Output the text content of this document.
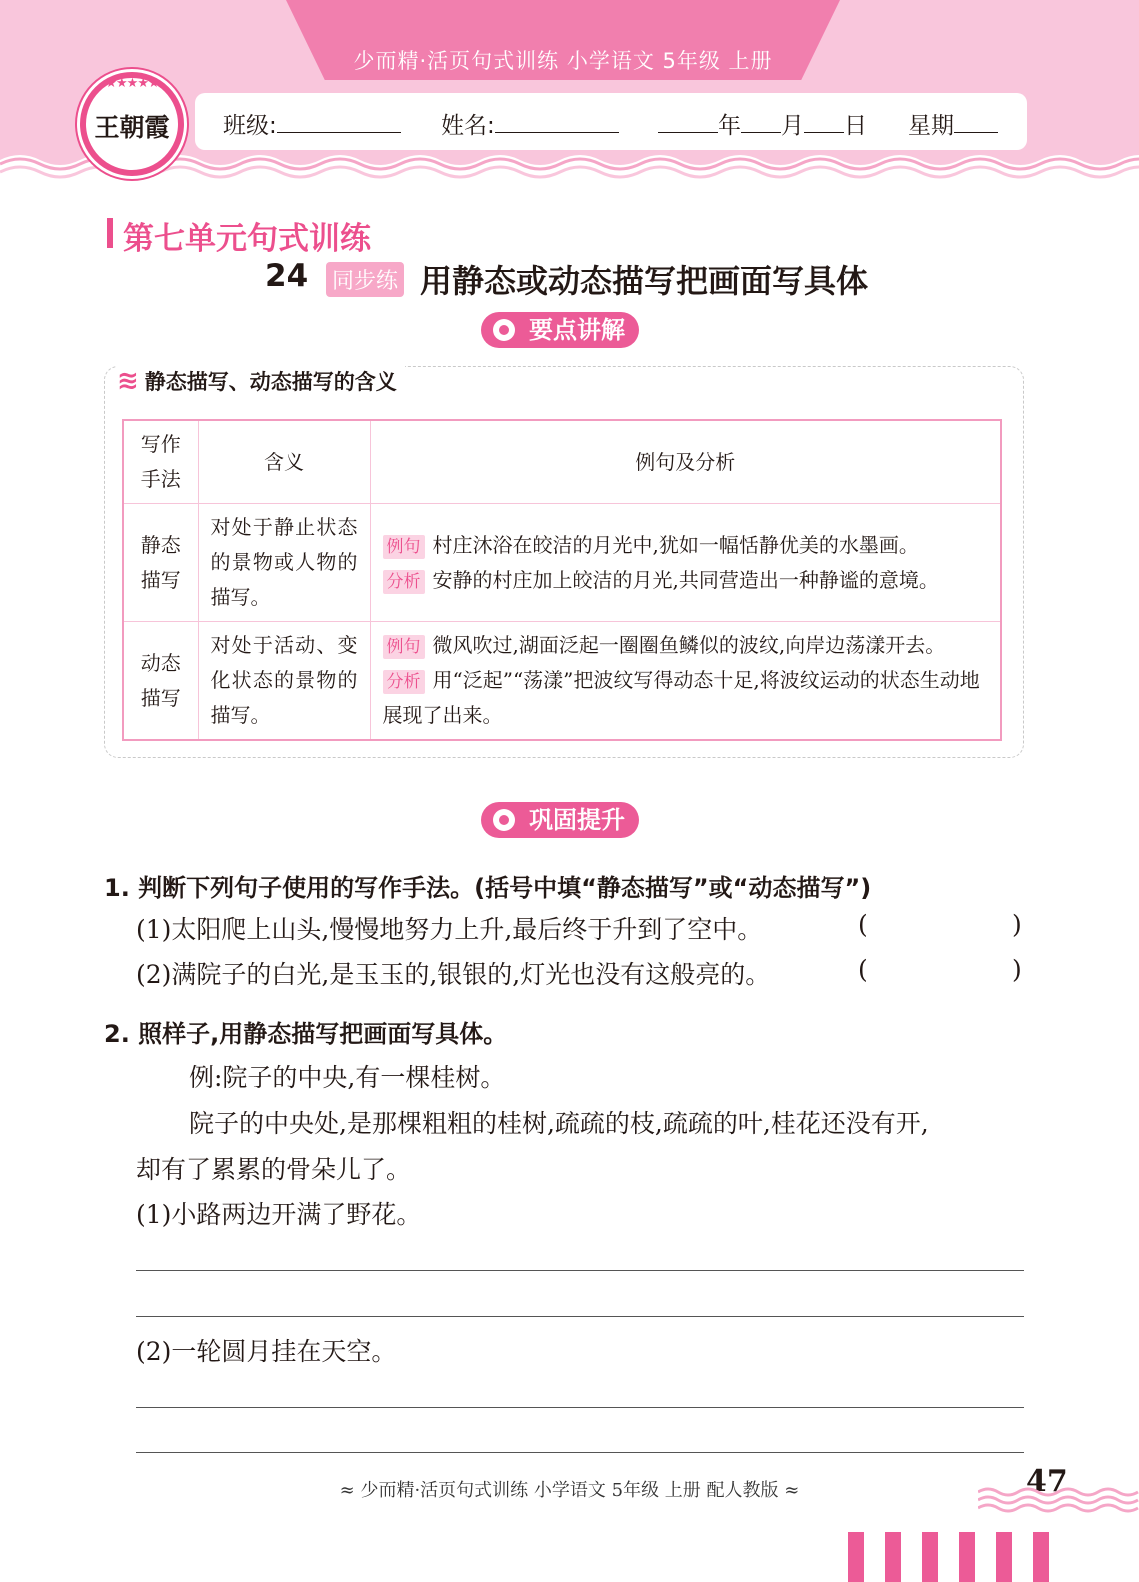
少而精·活页句式训练 小学语文 5年级 上册
★★★★★
王朝霞	班级:	姓名:	年 月 日 星期
第七单元句式训练
24 同步练 用静态或动态描写把画面写具体
要点讲解
≋ 静态描写、动态描写的含义
写作手法	含义	例句及分析
静态描写	对处于静止状态的景物或人物的描写。	例句 村庄沐浴在皎洁的月光中,犹如一幅恬静优美的水墨画。
分析 安静的村庄加上皎洁的月光,共同营造出一种静谧的意境。

动态描写	对处于活动、变化状态的景物的描写。	例句 微风吹过,湖面泛起一圈圈鱼鳞似的波纹,向岸边荡漾开去。
分析 用“泛起”“荡漾”把波纹写得动态十足,将波纹运动的状态生动地展现了出来。
巩固提升
1. 判断下列句子使用的写作手法。(括号中填“静态描写”或“动态描写”)
(1)太阳爬上山头,慢慢地努力上升,最后终于升到了空中。	(	)
(2)满院子的白光,是玉玉的,银银的,灯光也没有这般亮的。	(	)
2. 照样子,用静态描写把画面写具体。
例:院子的中央,有一棵桂树。
院子的中央处,是那棵粗粗的桂树,疏疏的枝,疏疏的叶,桂花还没有开,
却有了累累的骨朵儿了。
(1)小路两边开满了野花。
(2)一轮圆月挂在天空。
≈ 少而精·活页句式训练 小学语文 5年级 上册 配人教版 ≈	47
